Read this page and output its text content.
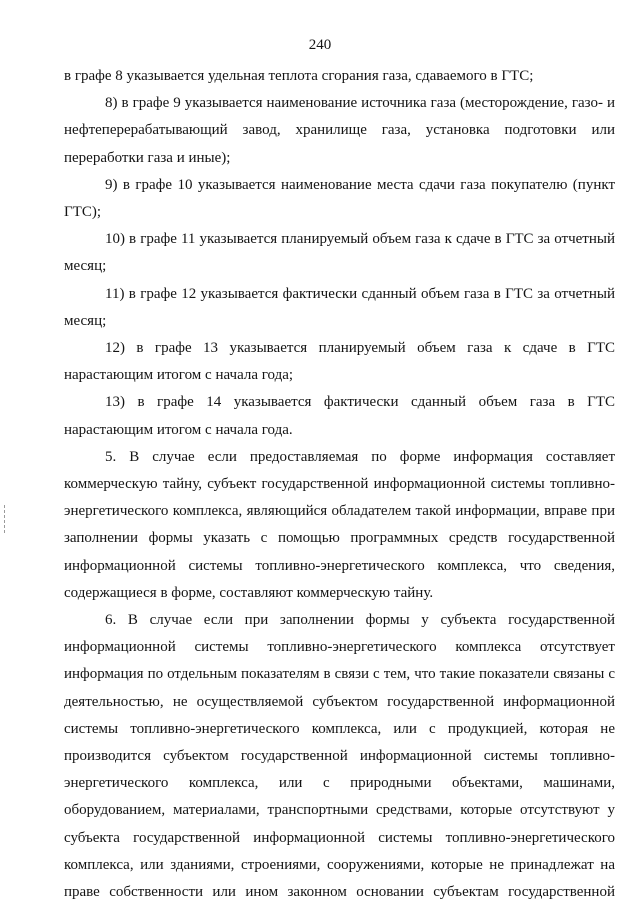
240

в графе 8 указывается удельная теплота сгорания газа, сдаваемого в ГТС;

8) в графе 9 указывается наименование источника газа (месторождение, газо- и нефтеперерабатывающий завод, хранилище газа, установка подготовки или переработки газа и иные);

9) в графе 10 указывается наименование места сдачи газа покупателю (пункт ГТС);

10) в графе 11 указывается планируемый объем газа к сдаче в ГТС за отчетный месяц;

11) в графе 12 указывается фактически сданный объем газа в ГТС за отчетный месяц;

12) в графе 13 указывается планируемый объем газа к сдаче в ГТС нарастающим итогом с начала года;

13) в графе 14 указывается фактически сданный объем газа в ГТС нарастающим итогом с начала года.

5. В случае если предоставляемая по форме информация составляет коммерческую тайну, субъект государственной информационной системы топливно-энергетического комплекса, являющийся обладателем такой информации, вправе при заполнении формы указать с помощью программных средств государственной информационной системы топливно-энергетического комплекса, что сведения, содержащиеся в форме, составляют коммерческую тайну.

6. В случае если при заполнении формы у субъекта государственной информационной системы топливно-энергетического комплекса отсутствует информация по отдельным показателям в связи с тем, что такие показатели связаны с деятельностью, не осуществляемой субъектом государственной информационной системы топливно-энергетического комплекса, или с продукцией, которая не производится субъектом государственной информационной системы топливно-энергетического комплекса, или с природными объектами, машинами, оборудованием, материалами, транспортными средствами, которые отсутствуют у субъекта государственной информационной системы топливно-энергетического комплекса, или зданиями, строениями, сооружениями, которые не принадлежат на праве собственности или ином законном основании субъектам государственной
